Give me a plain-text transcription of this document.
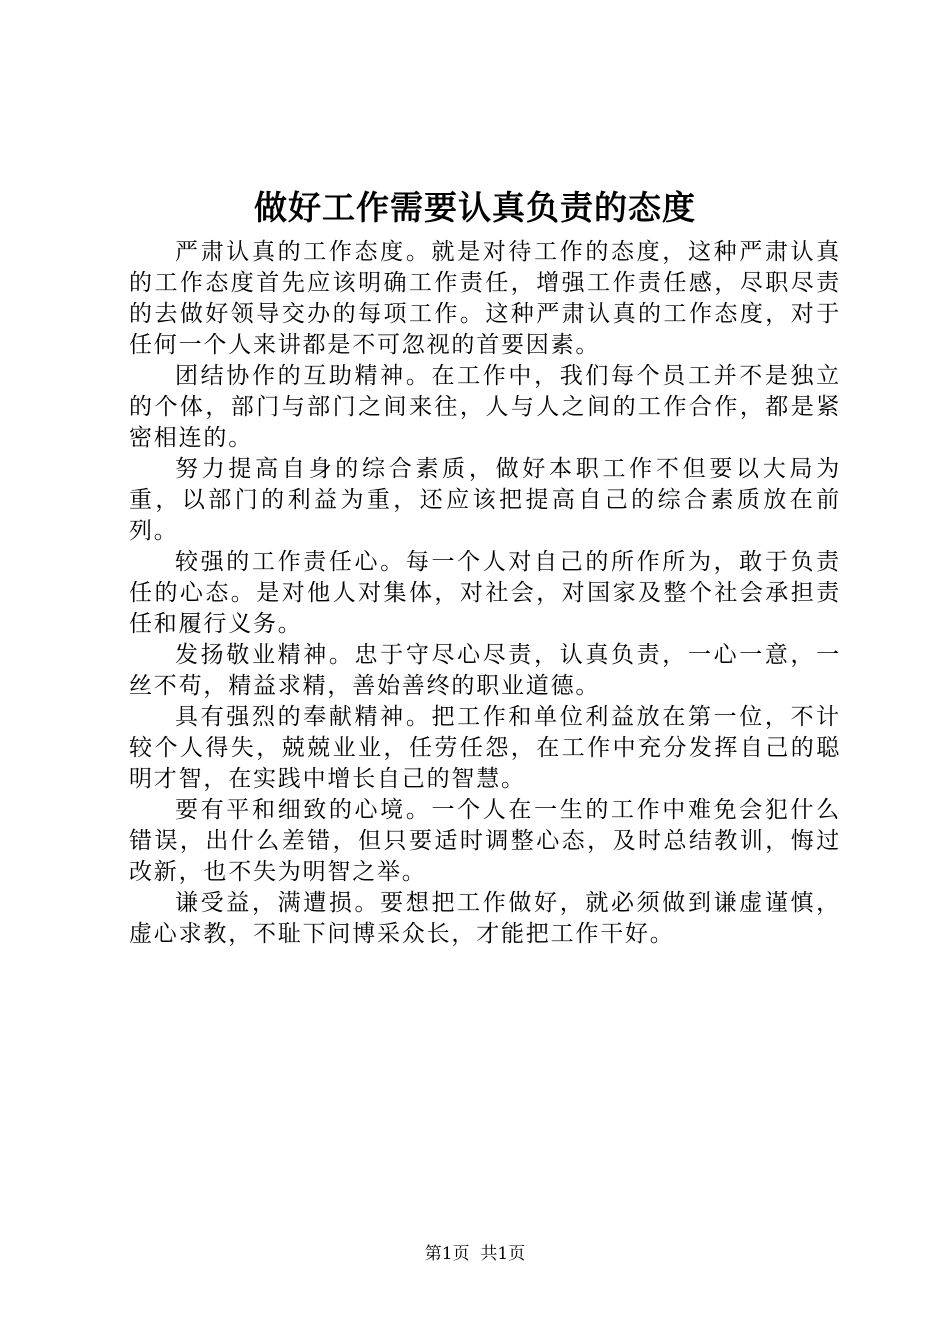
做好工作需要认真负责的态度

严肃认真的工作态度。就是对待工作的态度，这种严肃认真的工作态度首先应该明确工作责任，增强工作责任感，尽职尽责的去做好领导交办的每项工作。这种严肃认真的工作态度，对于任何一个人来讲都是不可忽视的首要因素。

团结协作的互助精神。在工作中，我们每个员工并不是独立的个体，部门与部门之间来往，人与人之间的工作合作，都是紧密相连的。

努力提高自身的综合素质，做好本职工作不但要以大局为重，以部门的利益为重，还应该把提高自己的综合素质放在前列。

较强的工作责任心。每一个人对自己的所作所为，敢于负责任的心态。是对他人对集体，对社会，对国家及整个社会承担责任和履行义务。

发扬敬业精神。忠于守尽心尽责，认真负责，一心一意，一丝不苟，精益求精，善始善终的职业道德。

具有强烈的奉献精神。把工作和单位利益放在第一位，不计较个人得失，兢兢业业，任劳任怨，在工作中充分发挥自己的聪明才智，在实践中增长自己的智慧。

要有平和细致的心境。一个人在一生的工作中难免会犯什么错误，出什么差错，但只要适时调整心态，及时总结教训，悔过改新，也不失为明智之举。

谦受益，满遭损。要想把工作做好，就必须做到谦虚谨慎，虚心求教，不耻下问博采众长，才能把工作干好。

第1页 共1页
